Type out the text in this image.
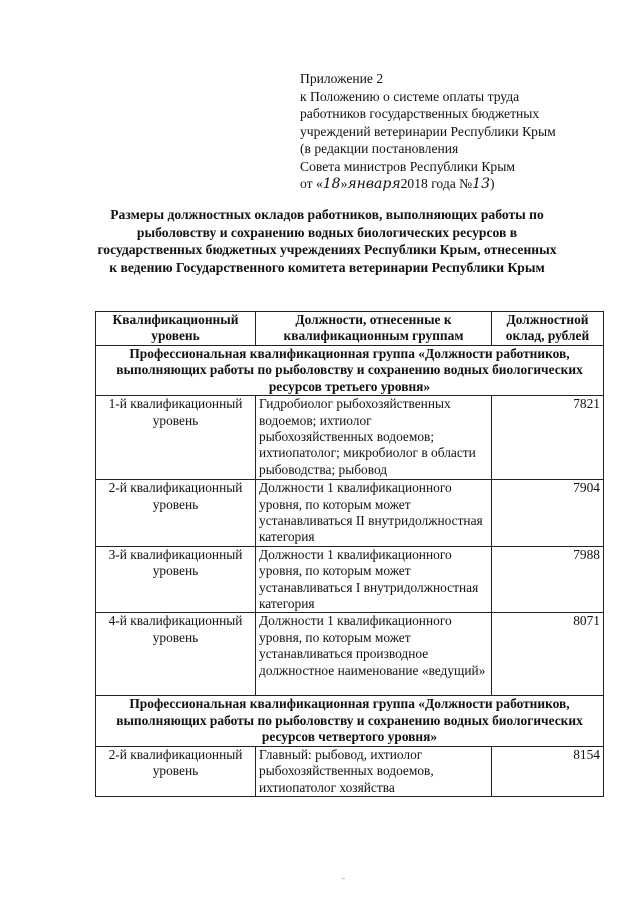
Приложение 2
к Положению о системе оплаты труда
работников государственных бюджетных
учреждений ветеринарии Республики Крым
(в редакции постановления
Совета министров Республики Крым
от «18»января2018 года №13)
Размеры должностных окладов работников, выполняющих работы по рыболовству и сохранению водных биологических ресурсов в государственных бюджетных учреждениях Республики Крым, отнесенных к ведению Государственного комитета ветеринарии Республики Крым
Квалификационный уровень	Должности, отнесенные к квалификационным группам	Должностной оклад, рублей
Профессиональная квалификационная группа «Должности работников, выполняющих работы по рыболовству и сохранению водных биологических ресурсов третьего уровня»		
1-й квалификационный уровень	Гидробиолог рыбохозяйственных водоемов; ихтиолог рыбохозяйственных водоемов; ихтиопатолог; микробиолог в области рыбоводства; рыбовод	7821
2-й квалификационный уровень	Должности 1 квалификационного уровня, по которым может устанавливаться II внутридолжностная категория	7904
3-й квалификационный уровень	Должности 1 квалификационного уровня, по которым может устанавливаться I внутридолжностная категория	7988
4-й квалификационный уровень	Должности 1 квалификационного уровня, по которым может устанавливаться производное должностное наименование «ведущий»	8071
Профессиональная квалификационная группа «Должности работников, выполняющих работы по рыболовству и сохранению водных биологических ресурсов четвертого уровня»		
2-й квалификационный уровень	Главный: рыбовод, ихтиолог рыбохозяйственных водоемов, ихтиопатолог хозяйства	8154
